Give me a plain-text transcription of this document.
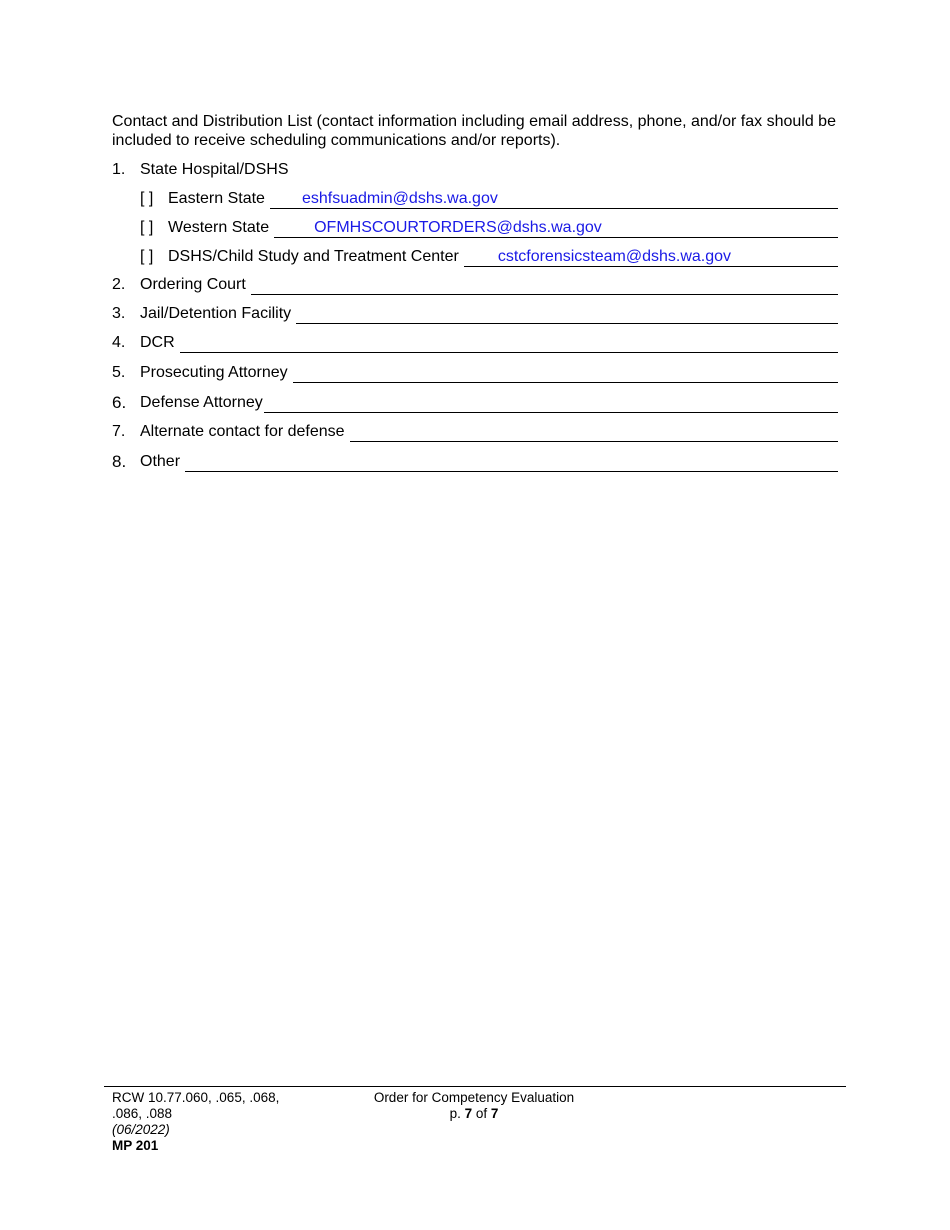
Contact and Distribution List (contact information including email address, phone, and/or fax should be included to receive scheduling communications and/or reports).

1. State Hospital/DSHS
[ ] Eastern State eshfsuadmin@dshs.wa.gov
[ ] Western State	OFMHSCOURTORDERS@dshs.wa.gov
[ ] DSHS/Child Study and Treatment Center cstcforensicsteam@dshs.wa.gov
2. Ordering Court
3. Jail/Detention Facility
4. DCR
5. Prosecuting Attorney
6. Defense Attorney
7. Alternate contact for defense
8. Other
RCW 10.77.060, .065, .068,
.086, .088
(06/2022)
MP 201
Order for Competency Evaluation
p. 7 of 7
